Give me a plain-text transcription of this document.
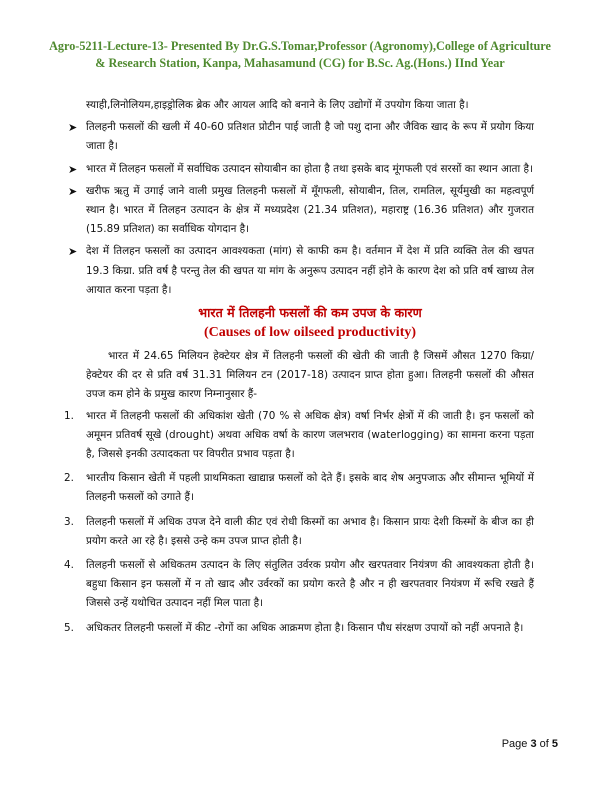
Agro-5211-Lecture-13- Presented By Dr.G.S.Tomar,Professor (Agronomy),College of Agriculture
& Research Station, Kanpa, Mahasamund (CG) for B.Sc. Ag.(Hons.) IInd Year

स्याही,लिनोलियम,हाइड्रोलिक ब्रेक और आयल आदि को बनाने के लिए उद्योगों में उपयोग किया जाता है।

➤ तिलहनी फसलों की खली में 40-60 प्रतिशत प्रोटीन पाई जाती है जो पशु दाना और जैविक खाद के रूप में प्रयोग किया जाता है।
➤ भारत में तिलहन फसलों में सर्वाधिक उत्पादन सोयाबीन का होता है तथा इसके बाद मूंगफली एवं सरसों का स्थान आता है।
➤ खरीफ ऋतु में उगाई जाने वाली प्रमुख तिलहनी फसलों में मूँगफली, सोयाबीन, तिल, रामतिल, सूर्यमुखी का महत्वपूर्ण स्थान है। भारत में तिलहन उत्पादन के क्षेत्र में मध्यप्रदेश (21.34 प्रतिशत), महाराष्ट्र (16.36 प्रतिशत) और गुजरात (15.89 प्रतिशत) का सर्वाधिक योगदान है।
➤ देश में तिलहन फसलों का उत्पादन आवश्यकता (मांग) से काफी कम है। वर्तमान में देश में प्रति व्यक्ति तेल की खपत 19.3 किग्रा. प्रति वर्ष है परन्तु तेल की खपत या मांग के अनुरूप उत्पादन नहीं होने के कारण देश को प्रति वर्ष खाध्य तेल आयात करना पड़ता है।
भारत में तिलहनी फसलों की कम उपज के कारण
(Causes of low oilseed productivity)

भारत में 24.65 मिलियन हेक्टेयर क्षेत्र में तिलहनी फसलों की खेती की जाती है जिसमें औसत 1270 किग्रा/हेक्टेयर की दर से प्रति वर्ष 31.31 मिलियन टन (2017-18) उत्पादन प्राप्त होता हुआ। तिलहनी फसलों की औसत उपज कम होने के प्रमुख कारण निम्नानुसार हैं-

1. भारत में तिलहनी फसलों की अधिकांश खेती (70 % से अधिक क्षेत्र) वर्षा निर्भर क्षेत्रों में की जाती है। इन फसलों को अमूमन प्रतिवर्ष सूखे (drought) अथवा अधिक वर्षा के कारण जलभराव (waterlogging) का सामना करना पड़ता है, जिससे इनकी उत्पादकता पर विपरीत प्रभाव पड़ता है।
2. भारतीय किसान खेती में पहली प्राथमिकता खाद्यान्न फसलों को देते हैं। इसके बाद शेष अनुपजाऊ और सीमान्त भूमियों में तिलहनी फसलों को उगाते हैं।
3. तिलहनी फसलों में अधिक उपज देने वाली कीट एवं रोधी किस्मों का अभाव है। किसान प्रायः देशी किस्मों के बीज का ही प्रयोग करते आ रहे है। इससे उन्हे कम उपज प्राप्त होती है।
4. तिलहनी फसलों से अधिकतम उत्पादन के लिए संतुलित उर्वरक प्रयोग और खरपतवार नियंत्रण की आवश्यकता होती है। बहुधा किसान इन फसलों में न तो खाद और उर्वरकों का प्रयोग करते है और न ही खरपतवार नियंत्रण में रूचि रखते हैं जिससे उन्हें यथोचित उत्पादन नहीं मिल पाता है।
5. अधिकतर तिलहनी फसलों में कीट -रोगों का अधिक आक्रमण होता है। किसान पौध संरक्षण उपायों को नहीं अपनाते है।
Page 3 of 5
